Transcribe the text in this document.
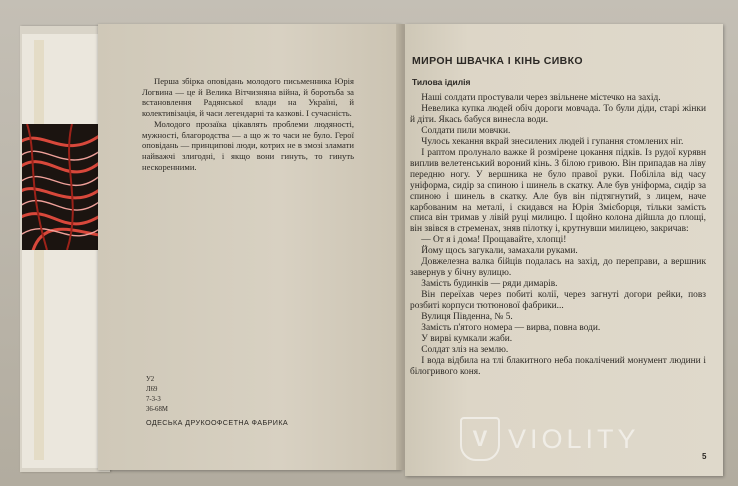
Перша збірка оповідань молодого письменника Юрія Логвина — це й Велика Вітчизняна війна, й боротьба за встановлення Радянської влади на Україні, й колективізація, й часи легендарні та казкові. І сучасність.

Молодого прозаїка цікавлять проблеми людяності, мужності, благородства — а що ж то часи не було. Герої оповідань — принципові люди, котрих не в змозі зламати найважчі злигодні, і якщо вони гинуть, то гинуть нескоренними.

У2
Л69
7-3-3
36-68М
ОДЕСЬКА ДРУКООФСЕТНА ФАБРИКА
МИРОН ШВАЧКА І КІНЬ СИВКО
Тилова ідилія

Наші солдати простували через звільнене містечко на захід.

Невелика купка людей обіч дороги мовчада. То були діди, старі жінки й діти. Якась бабуся винесла води.

Солдати пили мовчки.

Чулось хекання вкрай знесилених людей і гупання стомлених ніг.

І раптом пролунало важке й розмірене цокання підків. Із рудої курявн виплив велетенський вороний кінь. З білою гривою. Він припадав на ліву передню ногу. У вершника не було правої руки. Побіліла від часу уніформа, сидір за спиною і шинель в скатку. Але був уніформа, сидір за спиною і шинель в скатку. Але був він підтягнутий, з лицем, наче карбованим на металі, і скидався на Юрія Змієборця, тільки замість списа він тримав у лівій руці милицю. І щойно колона дійшла до площі, він звівся в стременах, зняв пілотку і, крутнувши милицею, закричав:

— От я і дома! Прощавайте, хлопці!

Йому щось загукали, замахали руками.

Довжелезна валка бійців подалась на захід, до переправи, а вершник завернув у бічну вулицю.

Замість будинків — ряди димарів.

Він переїхав через побиті колії, через загнуті догори рейки, повз розбиті корпуси тютюнової фабрики...

Вулиця Південна, № 5.

Замість п'ятого номера — вирва, повна води.

У вирві кумкали жаби.

Солдат зліз на землю.

І вода відбила на тлі блакитного неба покалічений монумент людини і білогривого коня.

5
V VIOLITY
